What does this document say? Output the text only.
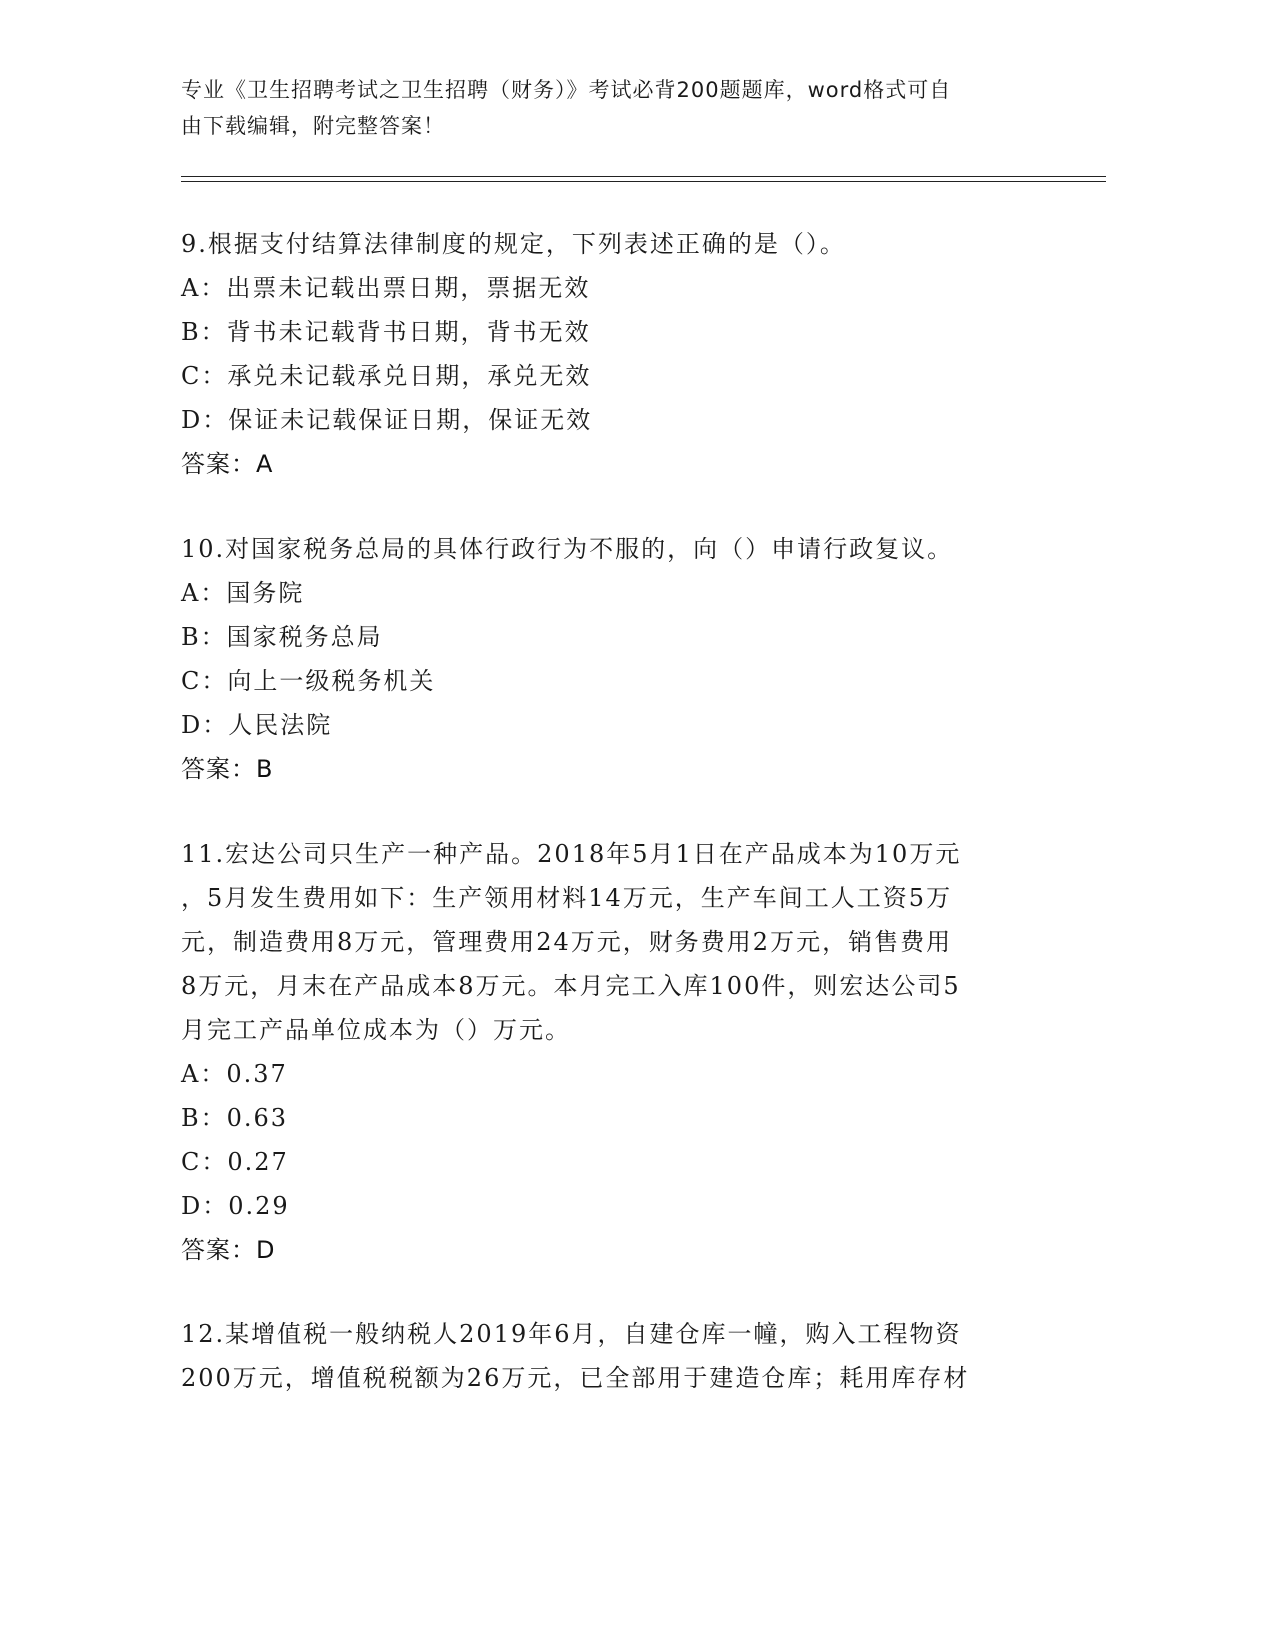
专业《卫生招聘考试之卫生招聘（财务）》考试必背200题题库，word格式可自
由下载编辑，附完整答案！
9.根据支付结算法律制度的规定，下列表述正确的是（）。
A：出票未记载出票日期，票据无效
B：背书未记载背书日期，背书无效
C：承兑未记载承兑日期，承兑无效
D：保证未记载保证日期，保证无效
答案：A
10.对国家税务总局的具体行政行为不服的，向（）申请行政复议。
A：国务院
B：国家税务总局
C：向上一级税务机关
D：人民法院
答案：B
11.宏达公司只生产一种产品。2018年5月1日在产品成本为10万元
，5月发生费用如下：生产领用材料14万元，生产车间工人工资5万
元，制造费用8万元，管理费用24万元，财务费用2万元，销售费用
8万元，月末在产品成本8万元。本月完工入库100件，则宏达公司5
月完工产品单位成本为（）万元。
A：0.37
B：0.63
C：0.27
D：0.29
答案：D
12.某增值税一般纳税人2019年6月，自建仓库一幢，购入工程物资
200万元，增值税税额为26万元，已全部用于建造仓库；耗用库存材
